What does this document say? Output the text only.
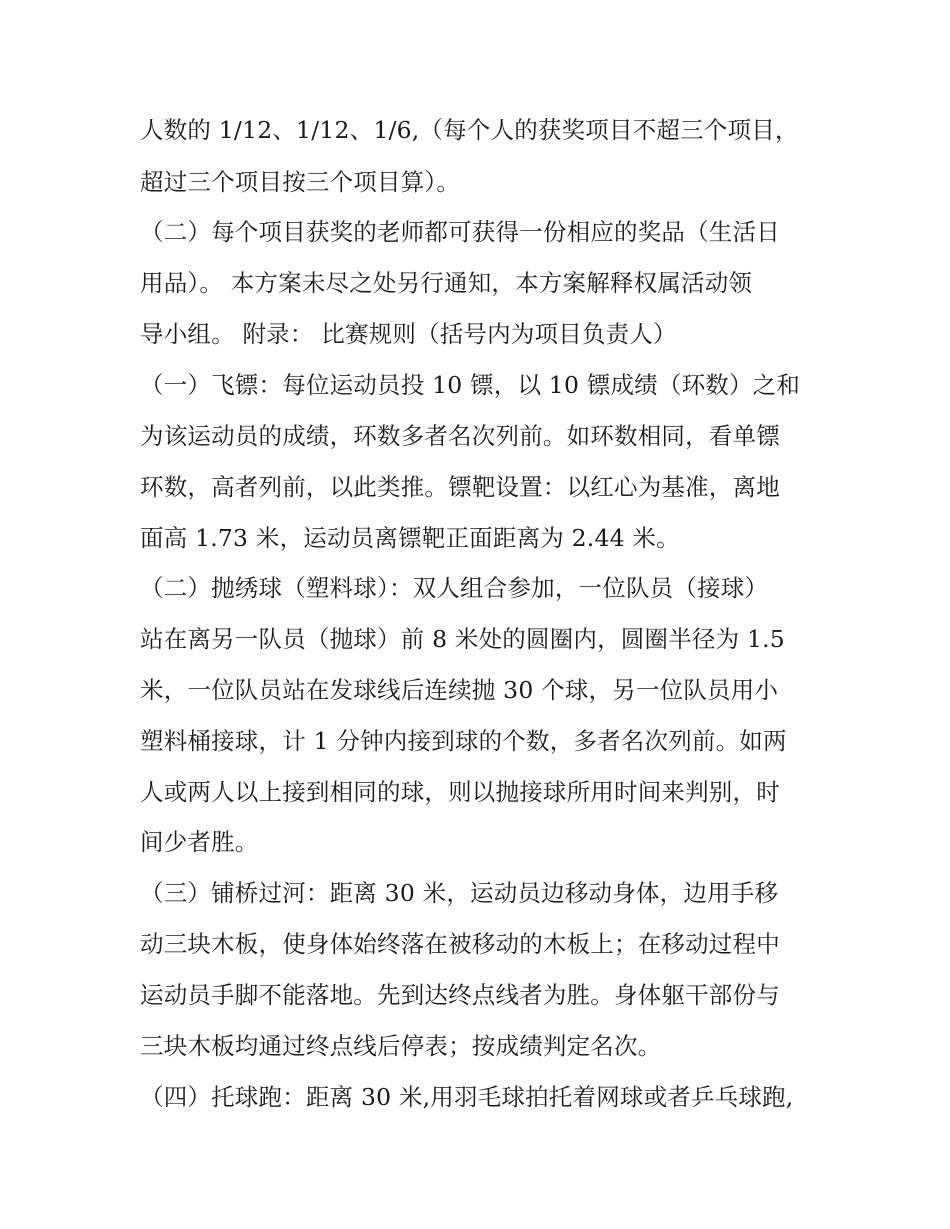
人数的 1/12、1/12、1/6,（每个人的获奖项目不超三个项目，
超过三个项目按三个项目算）。
（二）每个项目获奖的老师都可获得一份相应的奖品（生活日
用品）。 本方案未尽之处另行通知，本方案解释权属活动领
导小组。 附录： 比赛规则（括号内为项目负责人）
（一）飞镖：每位运动员投 10 镖，以 10 镖成绩（环数）之和
为该运动员的成绩，环数多者名次列前。如环数相同，看单镖
环数，高者列前，以此类推。镖靶设置：以红心为基准，离地
面高 1.73 米，运动员离镖靶正面距离为 2.44 米。
（二）抛绣球（塑料球）：双人组合参加，一位队员（接球）
站在离另一队员（抛球）前 8 米处的圆圈内，圆圈半径为 1.5
米，一位队员站在发球线后连续抛 30 个球，另一位队员用小
塑料桶接球，计 1 分钟内接到球的个数，多者名次列前。如两
人或两人以上接到相同的球，则以抛接球所用时间来判别，时
间少者胜。
（三）铺桥过河：距离 30 米，运动员边移动身体，边用手移
动三块木板，使身体始终落在被移动的木板上；在移动过程中
运动员手脚不能落地。先到达终点线者为胜。身体躯干部份与
三块木板均通过终点线后停表；按成绩判定名次。
（四）托球跑：距离 30 米,用羽毛球拍托着网球或者乒乓球跑,
